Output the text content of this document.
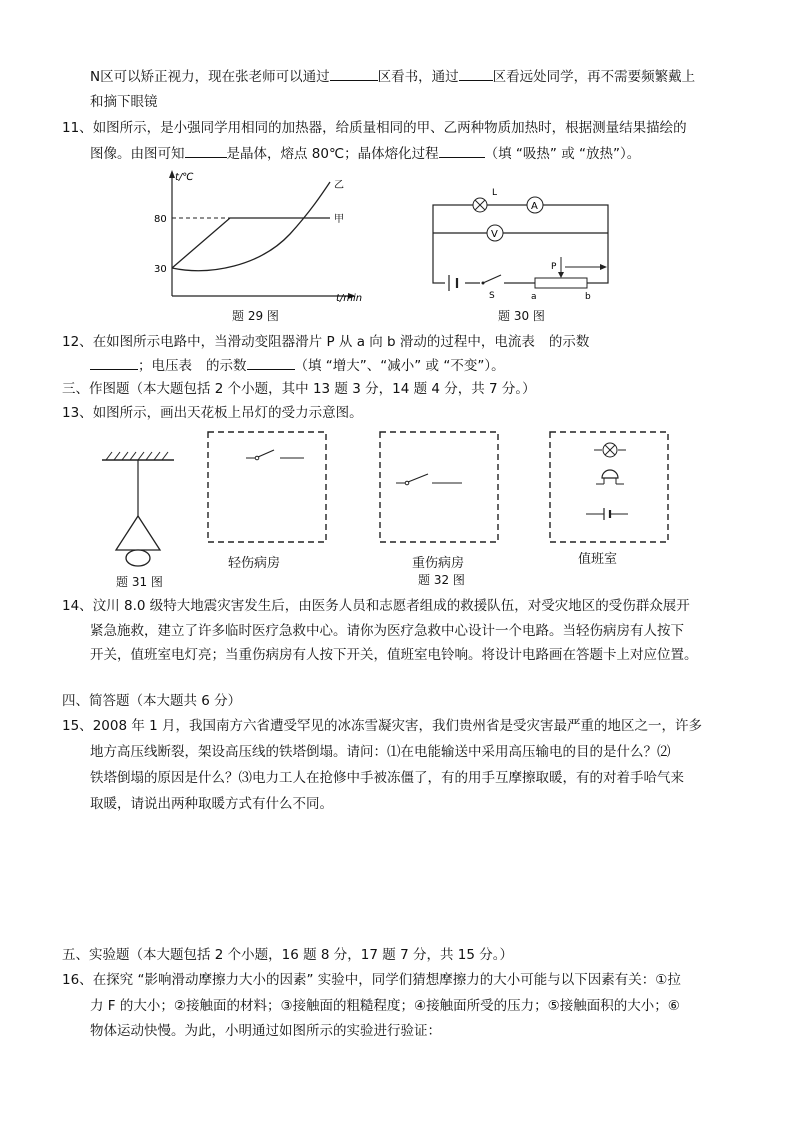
N区可以矫正视力，现在张老师可以通过	区看书，通过	区看远处同学，再不需要频繁戴上
和摘下眼镜
11、如图所示，是小强同学用相同的加热器，给质量相同的甲、乙两种物质加热时，根据测量结果描绘的
图像。由图可知	是晶体，熔点 80℃；晶体熔化过程	（填 “吸热” 或 “放热”）。
t/℃
t/min
80
30
甲
乙
题 29 图
L
A
V
S
P
a	b
题 30 图
12、在如图所示电路中，当滑动变阻器滑片 P 从 a 向 b 滑动的过程中，电流表 的示数
；电压表 的示数	（填 “增大”、“减小” 或 “不变”）。
三、作图题（本大题包括 2 个小题，其中 13 题 3 分，14 题 4 分，共 7 分。）
13、如图所示，画出天花板上吊灯的受力示意图。
题 31 图
轻伤病房	重伤病房	值班室
题 32 图
14、汶川 8.0 级特大地震灾害发生后，由医务人员和志愿者组成的救援队伍，对受灾地区的受伤群众展开
紧急施救，建立了许多临时医疗急救中心。请你为医疗急救中心设计一个电路。当轻伤病房有人按下
开关，值班室电灯亮；当重伤病房有人按下开关，值班室电铃响。将设计电路画在答题卡上对应位置。
四、简答题（本大题共 6 分）
15、2008 年 1 月，我国南方六省遭受罕见的冰冻雪凝灾害，我们贵州省是受灾害最严重的地区之一，许多
地方高压线断裂，架设高压线的铁塔倒塌。请问：⑴在电能输送中采用高压输电的目的是什么？⑵
铁塔倒塌的原因是什么？⑶电力工人在抢修中手被冻僵了，有的用手互摩擦取暖，有的对着手哈气来
取暖，请说出两种取暖方式有什么不同。
五、实验题（本大题包括 2 个小题，16 题 8 分，17 题 7 分，共 15 分。）
16、在探究 “影响滑动摩擦力大小的因素” 实验中，同学们猜想摩擦力的大小可能与以下因素有关：①拉
力 F 的大小；②接触面的材料；③接触面的粗糙程度；④接触面所受的压力；⑤接触面积的大小；⑥
物体运动快慢。为此，小明通过如图所示的实验进行验证：
